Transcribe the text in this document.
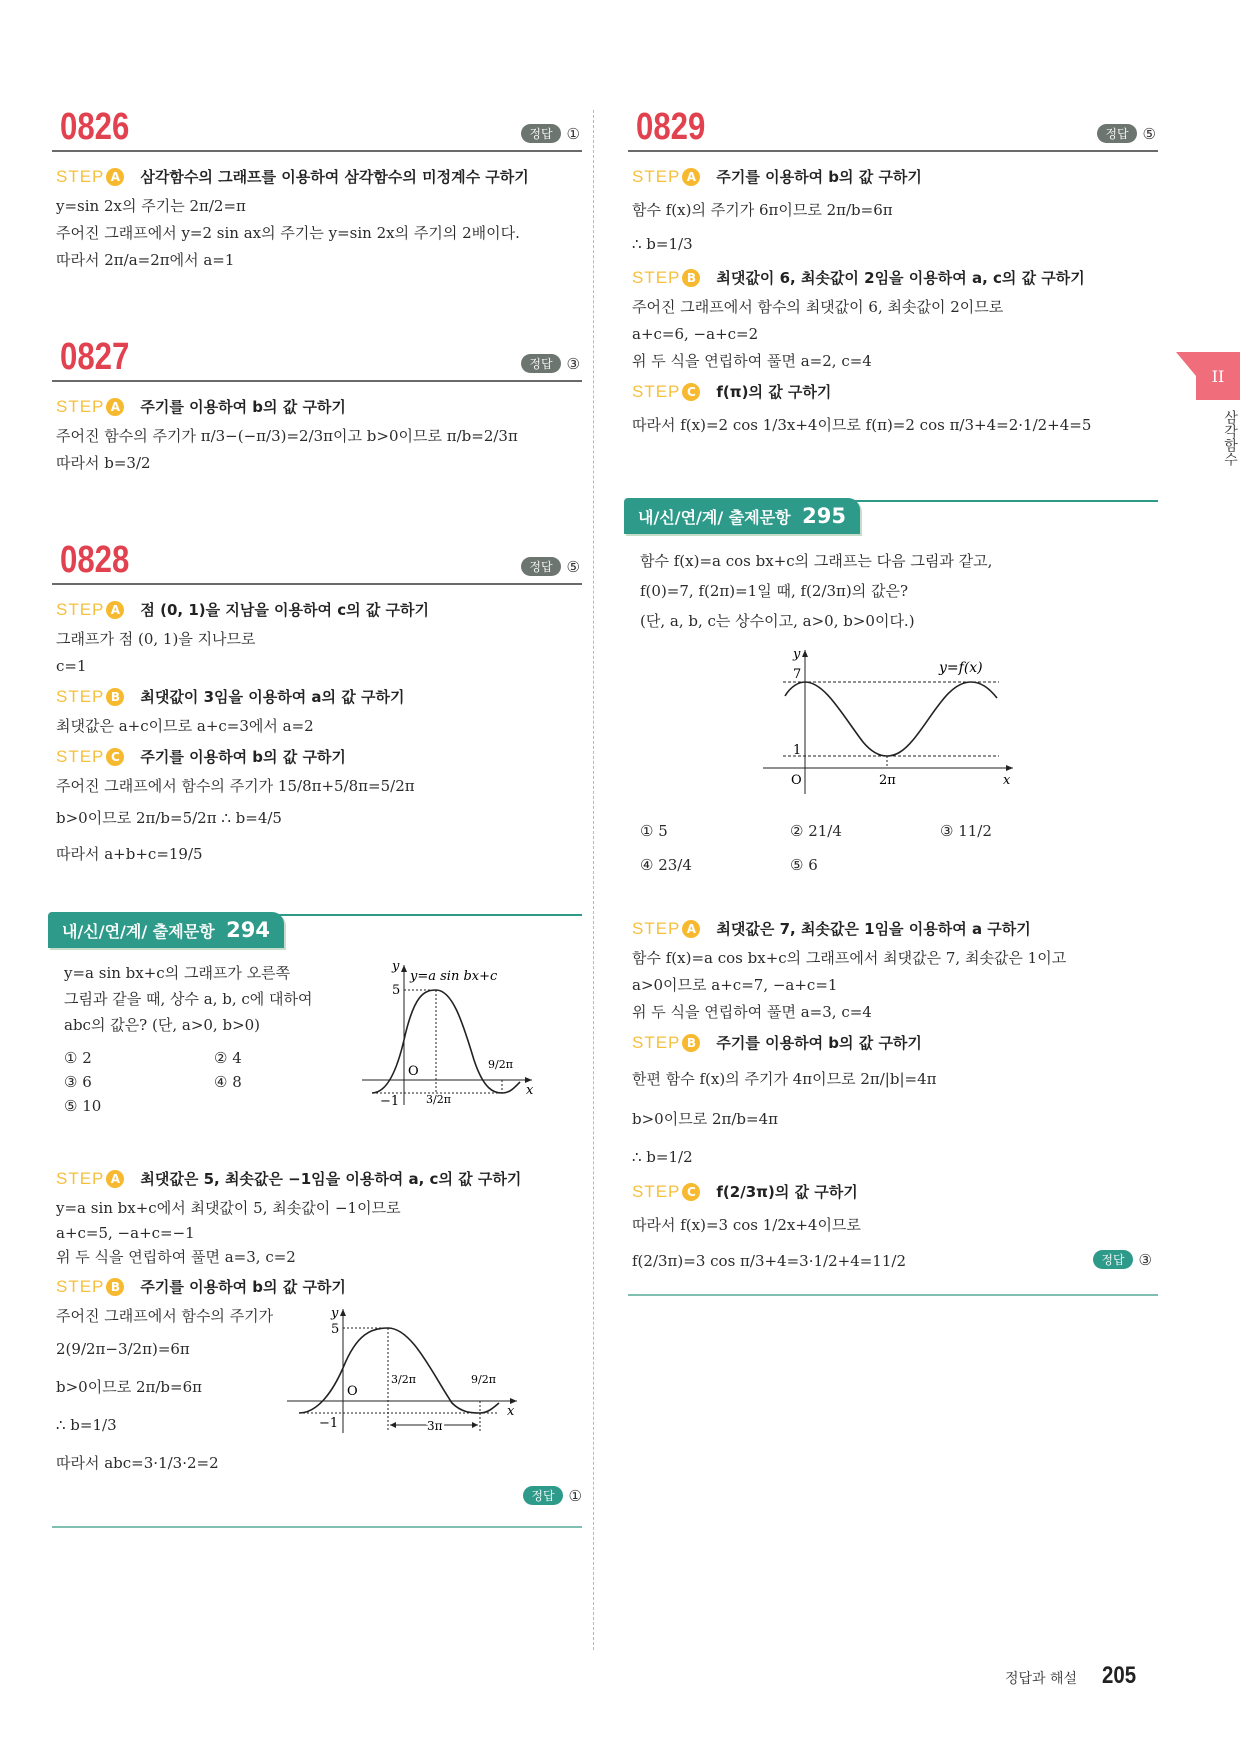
0826	정답 ①
STEP A 삼각함수의 그래프를 이용하여 삼각함수의 미정계수 구하기
y=sin 2x의 주기는 2π/2=π
주어진 그래프에서 y=2 sin ax의 주기는 y=sin 2x의 주기의 2배이다.
따라서 2π/a=2π에서 a=1
0827	정답 ③
STEP A 주기를 이용하여 b의 값 구하기
주어진 함수의 주기가 π/3−(−π/3)=2/3π이고 b>0이므로 π/b=2/3π
따라서 b=3/2
0828	정답 ⑤
STEP A 점 (0, 1)을 지남을 이용하여 c의 값 구하기
그래프가 점 (0, 1)을 지나므로
c=1
STEP B 최댓값이 3임을 이용하여 a의 값 구하기
최댓값은 a+c이므로 a+c=3에서 a=2
STEP C	주기를 이용하여 b의 값 구하기
주어진 그래프에서 함수의 주기가 15/8π+5/8π=5/2π
b>0이므로 2π/b=5/2π ∴ b=4/5
따라서 a+b+c=19/5
내/신/연/계/ 출제문항 294
y=a sin bx+c의 그래프가 오른쪽
그림과 같을 때, 상수 a, b, c에 대하여
abc의 값은? (단, a>0, b>0)
① 2	② 4
③ 6	④ 8
⑤ 10
y
y=a sin bx+c
5
O
−1 3/2π
9/2π
x
STEP A 최댓값은 5, 최솟값은 −1임을 이용하여 a, c의 값 구하기
y=a sin bx+c에서 최댓값이 5, 최솟값이 −1이므로
a+c=5, −a+c=−1
위 두 식을 연립하여 풀면 a=3, c=2
STEP B 주기를 이용하여 b의 값 구하기
주어진 그래프에서 함수의 주기가
2(9/2π−3/2π)=6π
b>0이므로 2π/b=6π
∴ b=1/3
따라서 abc=3·1/3·2=2
y
5
O
−1
3/2π	9/2π
3π
x
정답 ①
0829	정답 ⑤
STEP A 주기를 이용하여 b의 값 구하기
함수 f(x)의 주기가 6π이므로 2π/b=6π
∴ b=1/3
STEP B 최댓값이 6, 최솟값이 2임을 이용하여 a, c의 값 구하기
주어진 그래프에서 함수의 최댓값이 6, 최솟값이 2이므로
a+c=6, −a+c=2
위 두 식을 연립하여 풀면 a=2, c=4
STEP C	f(π)의 값 구하기
따라서 f(x)=2 cos 1/3x+4이므로 f(π)=2 cos π/3+4=2·1/2+4=5
내/신/연/계/ 출제문항 295
함수 f(x)=a cos bx+c의 그래프는 다음 그림과 같고,
f(0)=7, f(2π)=1일 때, f(2/3π)의 값은?
(단, a, b, c는 상수이고, a>0, b>0이다.)
y
y=f(x)
7
1
O	2π	x
① 5	② 21/4	③ 11/2
④ 23/4	⑤ 6
STEP A 최댓값은 7, 최솟값은 1임을 이용하여 a 구하기
함수 f(x)=a cos bx+c의 그래프에서 최댓값은 7, 최솟값은 1이고
a>0이므로 a+c=7, −a+c=1
위 두 식을 연립하여 풀면 a=3, c=4
STEP B 주기를 이용하여 b의 값 구하기
한편 함수 f(x)의 주기가 4π이므로 2π/|b|=4π
b>0이므로 2π/b=4π
∴ b=1/2
STEP C	f(2/3π)의 값 구하기
따라서 f(x)=3 cos 1/2x+4이므로
f(2/3π)=3 cos π/3+4=3·1/2+4=11/2	정답 ③
II
삼각함수
정답과 해설 205
